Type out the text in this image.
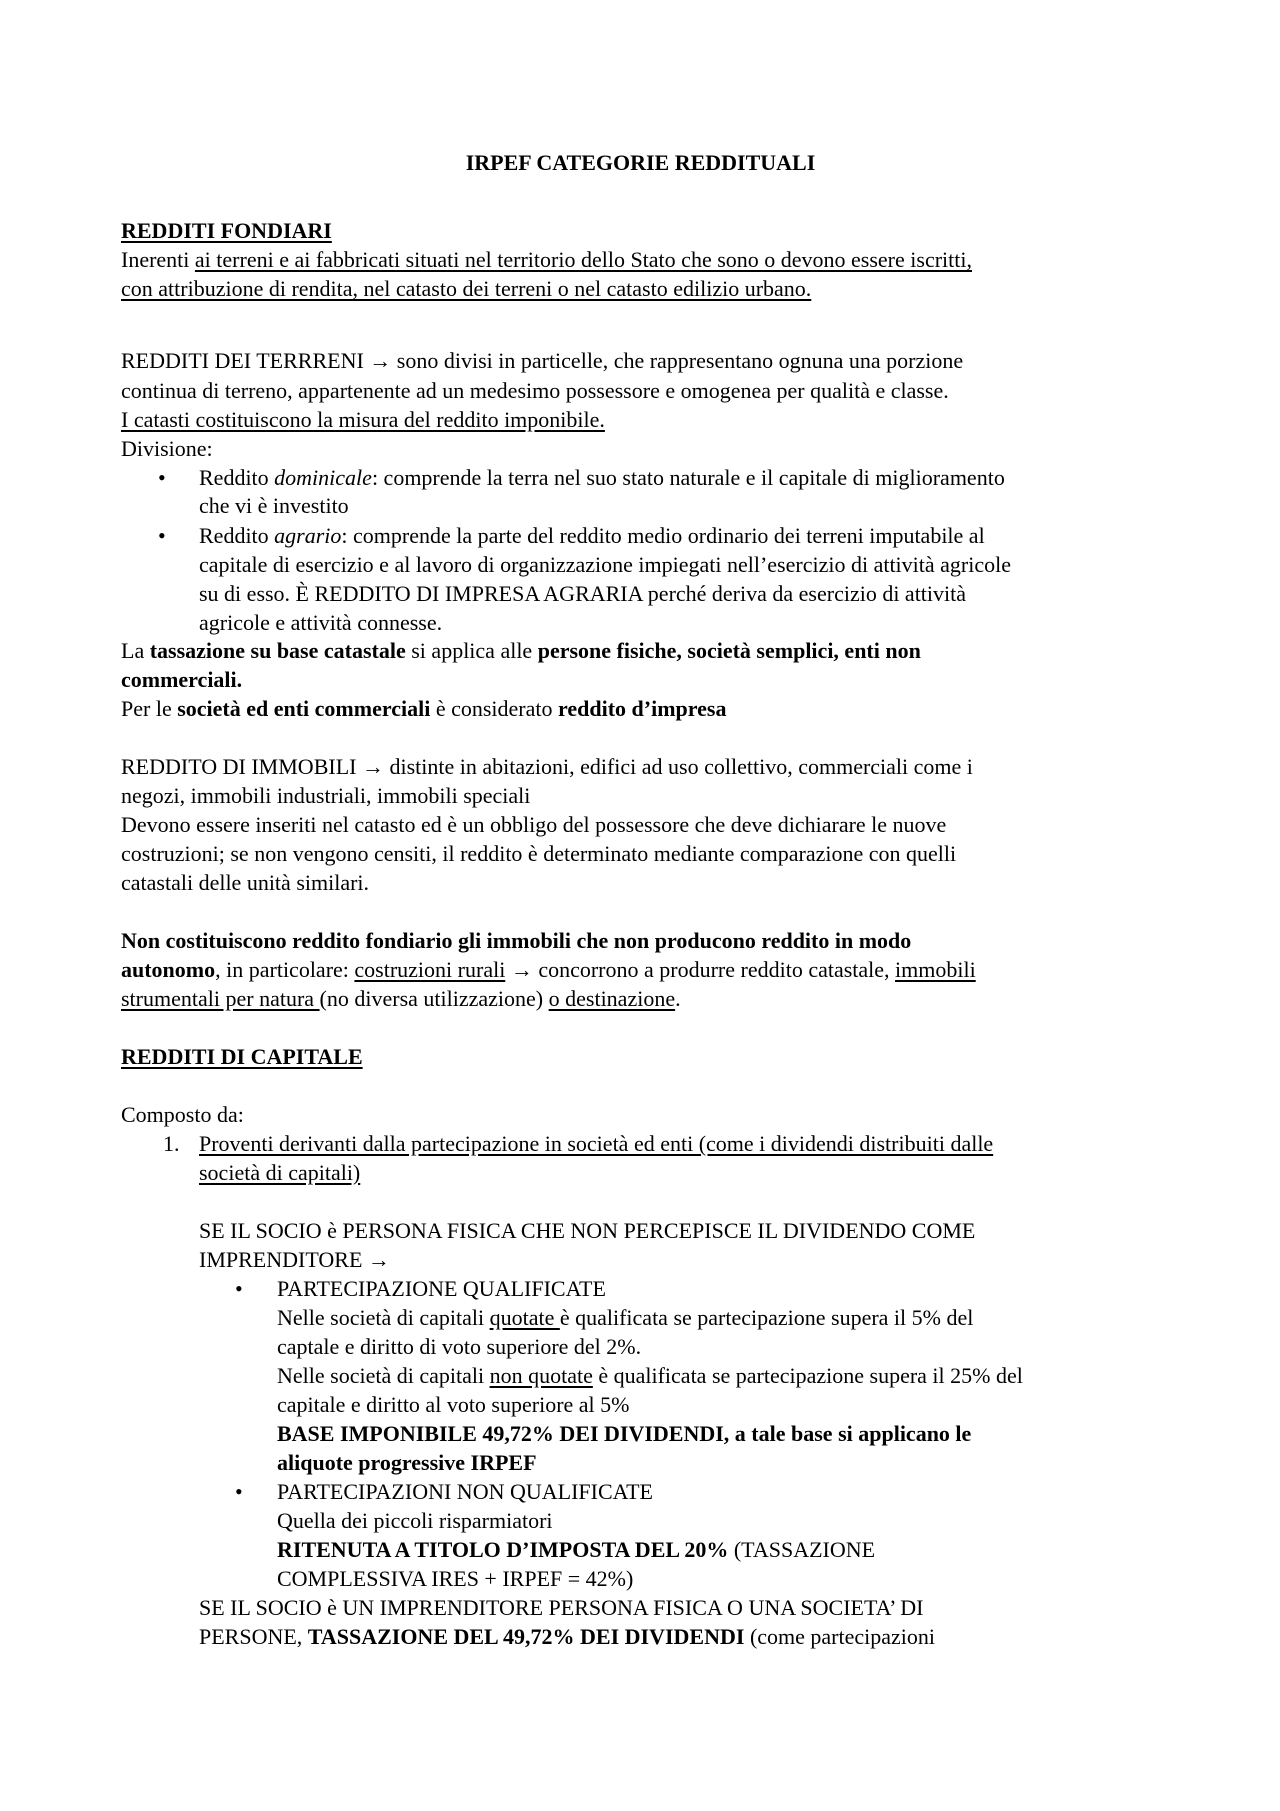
IRPEF CATEGORIE REDDITUALI
REDDITI FONDIARI
Inerenti ai terreni e ai fabbricati situati nel territorio dello Stato che sono o devono essere iscritti,
con attribuzione di rendita, nel catasto dei terreni o nel catasto edilizio urbano.
REDDITI DEI TERRRENI → sono divisi in particelle, che rappresentano ognuna una porzione
continua di terreno, appartenente ad un medesimo possessore e omogenea per qualità e classe.
I catasti costituiscono la misura del reddito imponibile.
Divisione:
• Reddito dominicale: comprende la terra nel suo stato naturale e il capitale di miglioramento
che vi è investito
• Reddito agrario: comprende la parte del reddito medio ordinario dei terreni imputabile al
capitale di esercizio e al lavoro di organizzazione impiegati nell’esercizio di attività agricole
su di esso. È REDDITO DI IMPRESA AGRARIA perché deriva da esercizio di attività
agricole e attività connesse.
La tassazione su base catastale si applica alle persone fisiche, società semplici, enti non
commerciali.
Per le società ed enti commerciali è considerato reddito d’impresa
REDDITO DI IMMOBILI → distinte in abitazioni, edifici ad uso collettivo, commerciali come i
negozi, immobili industriali, immobili speciali
Devono essere inseriti nel catasto ed è un obbligo del possessore che deve dichiarare le nuove
costruzioni; se non vengono censiti, il reddito è determinato mediante comparazione con quelli
catastali delle unità similari.
Non costituiscono reddito fondiario gli immobili che non producono reddito in modo
autonomo, in particolare: costruzioni rurali → concorrono a produrre reddito catastale, immobili
strumentali per natura (no diversa utilizzazione) o destinazione.
REDDITI DI CAPITALE
Composto da:
1. Proventi derivanti dalla partecipazione in società ed enti (come i dividendi distribuiti dalle
società di capitali)
SE IL SOCIO è PERSONA FISICA CHE NON PERCEPISCE IL DIVIDENDO COME
IMPRENDITORE →
• PARTECIPAZIONE QUALIFICATE
Nelle società di capitali quotate è qualificata se partecipazione supera il 5% del
captale e diritto di voto superiore del 2%.
Nelle società di capitali non quotate è qualificata se partecipazione supera il 25% del
capitale e diritto al voto superiore al 5%
BASE IMPONIBILE 49,72% DEI DIVIDENDI, a tale base si applicano le
aliquote progressive IRPEF
• PARTECIPAZIONI NON QUALIFICATE
Quella dei piccoli risparmiatori
RITENUTA A TITOLO D’IMPOSTA DEL 20% (TASSAZIONE
COMPLESSIVA IRES + IRPEF = 42%)
SE IL SOCIO è UN IMPRENDITORE PERSONA FISICA O UNA SOCIETA’ DI
PERSONE, TASSAZIONE DEL 49,72% DEI DIVIDENDI (come partecipazioni
